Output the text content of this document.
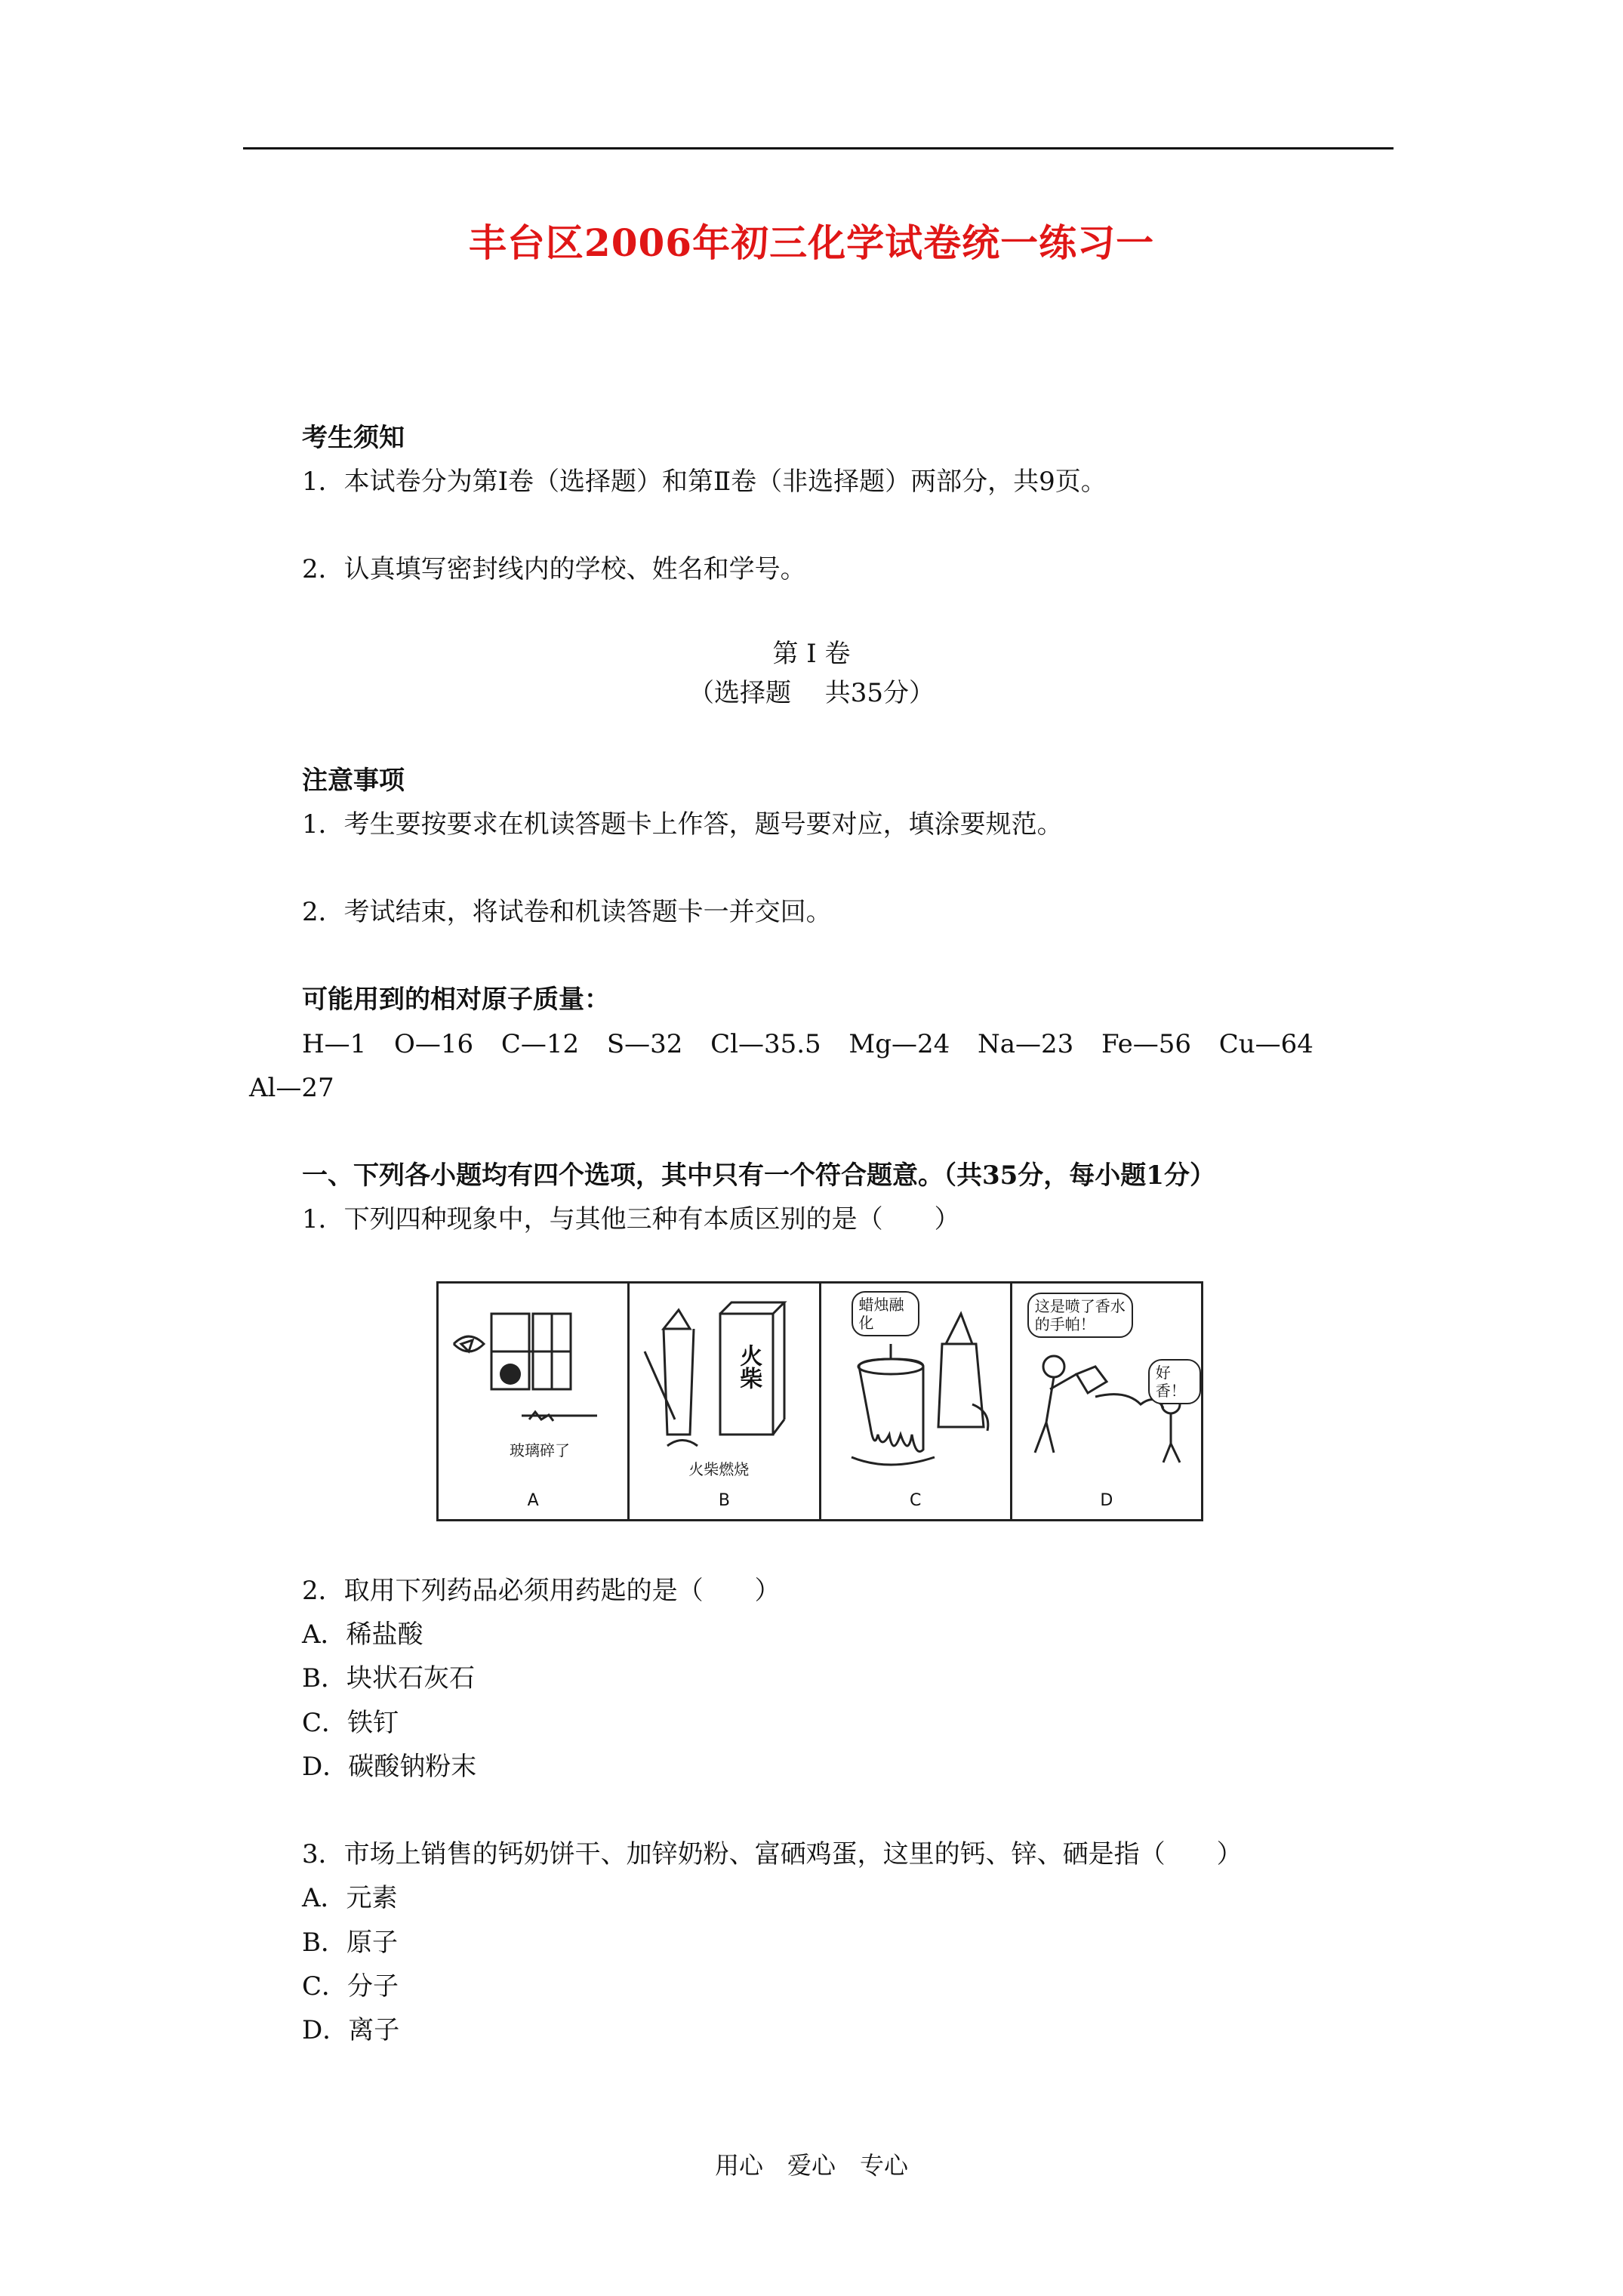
丰台区2006年初三化学试卷统一练习一
考生须知
1．本试卷分为第Ⅰ卷（选择题）和第Ⅱ卷（非选择题）两部分，共9页。
2．认真填写密封线内的学校、姓名和学号。
第 Ⅰ 卷
（选择题　 共35分）
注意事项
1．考生要按要求在机读答题卡上作答，题号要对应，填涂要规范。
2．考试结束，将试卷和机读答题卡一并交回。
可能用到的相对原子质量：
H—1 O—16 C—12 S—32 Cl—35.5 Mg—24 Na—23 Fe—56 Cu—64
Al—27
一、下列各小题均有四个选项，其中只有一个符合题意。（共35分，每小题1分）
1．下列四种现象中，与其他三种有本质区别的是（　　）
玻璃碎了
A
火柴
火柴燃烧
B
蜡烛融化
C
这是喷了香水的手帕！
好香！
D
2．取用下列药品必须用药匙的是（　　）
A．稀盐酸
B．块状石灰石
C．铁钉
D．碳酸钠粉末
3．市场上销售的钙奶饼干、加锌奶粉、富硒鸡蛋，这里的钙、锌、硒是指（　　）
A．元素
B．原子
C．分子
D．离子
用心　爱心　专心
